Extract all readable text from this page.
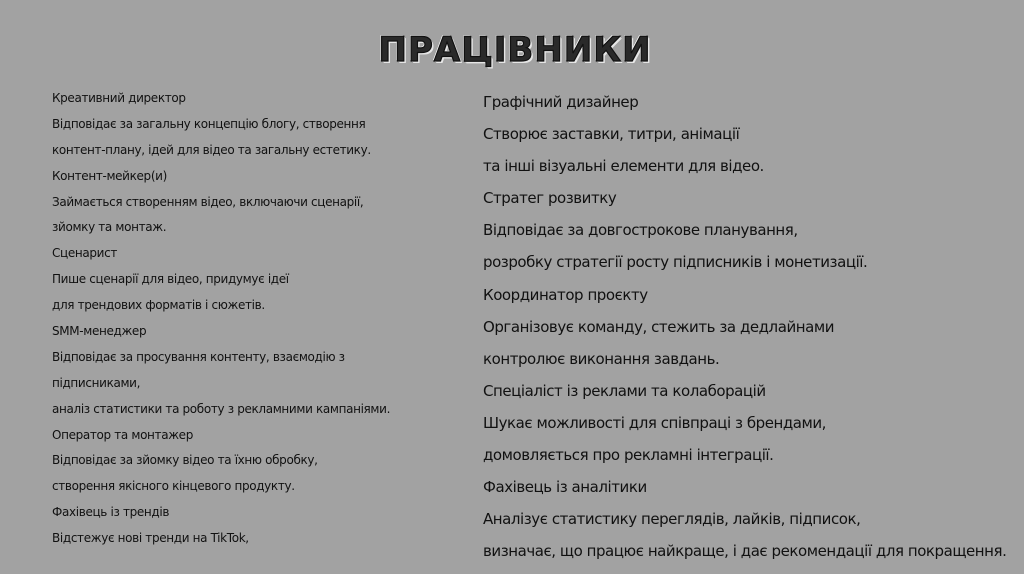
ПРАЦІВНИКИ
Креативний директор
Відповідає за загальну концепцію блогу, створення
контент-плану, ідей для відео та загальну естетику.
Контент-мейкер(и)
Займається створенням відео, включаючи сценарії,
зйомку та монтаж.
Сценарист
Пише сценарії для відео, придумує ідеї
для трендових форматів і сюжетів.
SMM-менеджер
Відповідає за просування контенту, взаємодію з
підписниками,
аналіз статистики та роботу з рекламними кампаніями.
Оператор та монтажер
Відповідає за зйомку відео та їхню обробку,
створення якісного кінцевого продукту.
Фахівець із трендів
Відстежує нові тренди на TikTok,
Графічний дизайнер
Створює заставки, титри, анімації
та інші візуальні елементи для відео.
Стратег розвитку
Відповідає за довгострокове планування,
розробку стратегії росту підписників і монетизації.
Координатор проєкту
Організовує команду, стежить за дедлайнами
контролює виконання завдань.
Спеціаліст із реклами та колаборацій
Шукає можливості для співпраці з брендами,
домовляється про рекламні інтеграції.
Фахівець із аналітики
Аналізує статистику переглядів, лайків, підписок,
визначає, що працює найкраще, і дає рекомендації для покращення.
